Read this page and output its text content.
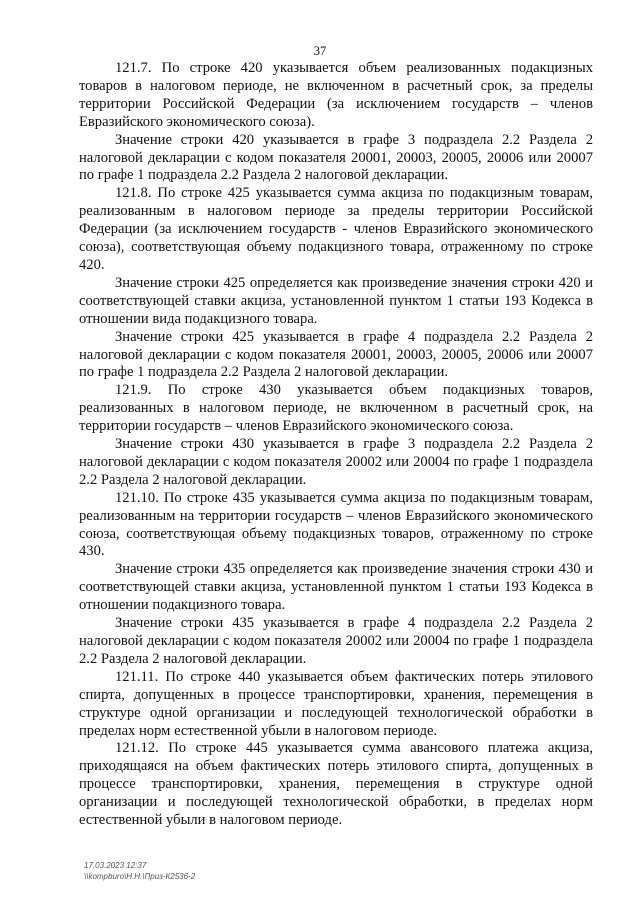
37

121.7. По строке 420 указывается объем реализованных подакцизных товаров в налоговом периоде, не включенном в расчетный срок, за пределы территории Российской Федерации (за исключением государств – членов Евразийского экономического союза).

Значение строки 420 указывается в графе 3 подраздела 2.2 Раздела 2 налоговой декларации с кодом показателя 20001, 20003, 20005, 20006 или 20007 по графе 1 подраздела 2.2 Раздела 2 налоговой декларации.

121.8. По строке 425 указывается сумма акциза по подакцизным товарам, реализованным в налоговом периоде за пределы территории Российской Федерации (за исключением государств - членов Евразийского экономического союза), соответствующая объему подакцизного товара, отраженному по строке 420.

Значение строки 425 определяется как произведение значения строки 420 и соответствующей ставки акциза, установленной пунктом 1 статьи 193 Кодекса в отношении вида подакцизного товара.

Значение строки 425 указывается в графе 4 подраздела 2.2 Раздела 2 налоговой декларации с кодом показателя 20001, 20003, 20005, 20006 или 20007 по графе 1 подраздела 2.2 Раздела 2 налоговой декларации.

121.9. По строке 430 указывается объем подакцизных товаров, реализованных в налоговом периоде, не включенном в расчетный срок, на территории государств – членов Евразийского экономического союза.

Значение строки 430 указывается в графе 3 подраздела 2.2 Раздела 2 налоговой декларации с кодом показателя 20002 или 20004 по графе 1 подраздела 2.2 Раздела 2 налоговой декларации.

121.10. По строке 435 указывается сумма акциза по подакцизным товарам, реализованным на территории государств – членов Евразийского экономического союза, соответствующая объему подакцизных товаров, отраженному по строке 430.

Значение строки 435 определяется как произведение значения строки 430 и соответствующей ставки акциза, установленной пунктом 1 статьи 193 Кодекса в отношении подакцизного товара.

Значение строки 435 указывается в графе 4 подраздела 2.2 Раздела 2 налоговой декларации с кодом показателя 20002 или 20004 по графе 1 подраздела 2.2 Раздела 2 налоговой декларации.

121.11. По строке 440 указывается объем фактических потерь этилового спирта, допущенных в процессе транспортировки, хранения, перемещения в структуре одной организации и последующей технологической обработки в пределах норм естественной убыли в налоговом периоде.

121.12. По строке 445 указывается сумма авансового платежа акциза, приходящаяся на объем фактических потерь этилового спирта, допущенных в процессе транспортировки, хранения, перемещения в структуре одной организации и последующей технологической обработки, в пределах норм естественной убыли в налоговом периоде.

17.03.2023 12:37
\\kompburo\Н.Н.\Приз-К2536-2
